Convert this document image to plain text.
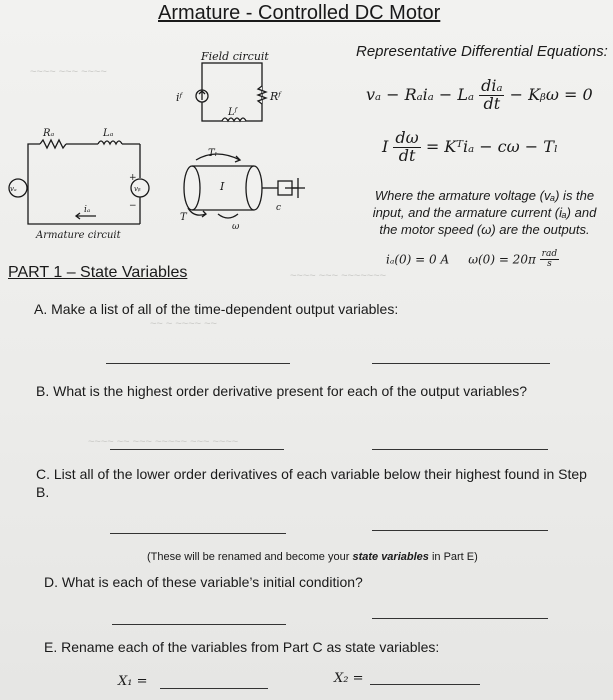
~~~~ ~~~ ~~~~
~~~~ ~~~ ~~~~~~~
~~ ~ ~~~~ ~~
~~~~ ~~ ~~~ ~~~~~ ~~~ ~~~~
Armature - Controlled DC Motor
Field circuit
iᶠ	Rᶠ
Lᶠ
Rₐ	Lₐ
vₐ	vᵦ
+
−
iₐ
Armature circuit
c
I
Tₗ
T
ω
Representative Differential Equations:
vₐ − Rₐiₐ − Lₐ $\frac{\text{diₐ}}{dt}$ − Kᵦω = 0
I $\frac{d\omega}{dt}$ = Kᵀiₐ − cω − Tₗ
Where the armature voltage (vₐ) is the input, and the armature current (iₐ) and the motor speed (ω) are the outputs.
iₐ(0) = 0 A $\omega(0) = 20\pi \frac{\text{rad}}{s}$
PART 1 – State Variables
A. Make a list of all of the time-dependent output variables:
B. What is the highest order derivative present for each of the output variables?
C. List all of the lower order derivatives of each variable below their highest found in Step B.
(These will be renamed and become your state variables in Part E)
D. What is each of these variable’s initial condition?
E. Rename each of the variables from Part C as state variables:
X₁ =	X₂ =
